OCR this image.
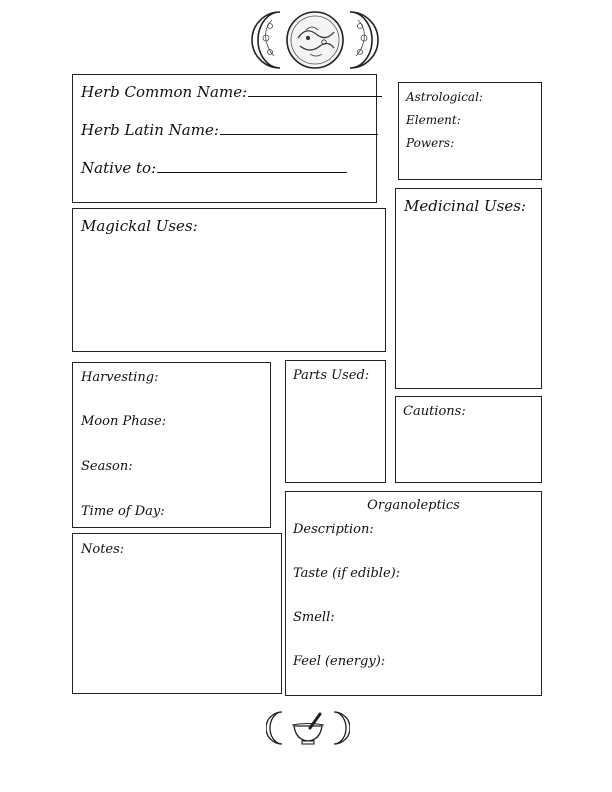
Herb Common Name:
Herb Latin Name:
Native to:
Astrological:
Element:
Powers:
Magickal Uses:
Medicinal Uses:
Harvesting:
Moon Phase:
Season:
Time of Day:
Parts Used:
Cautions:
Notes:
Organoleptics
Description:
Taste (if edible):
Smell:
Feel (energy):
